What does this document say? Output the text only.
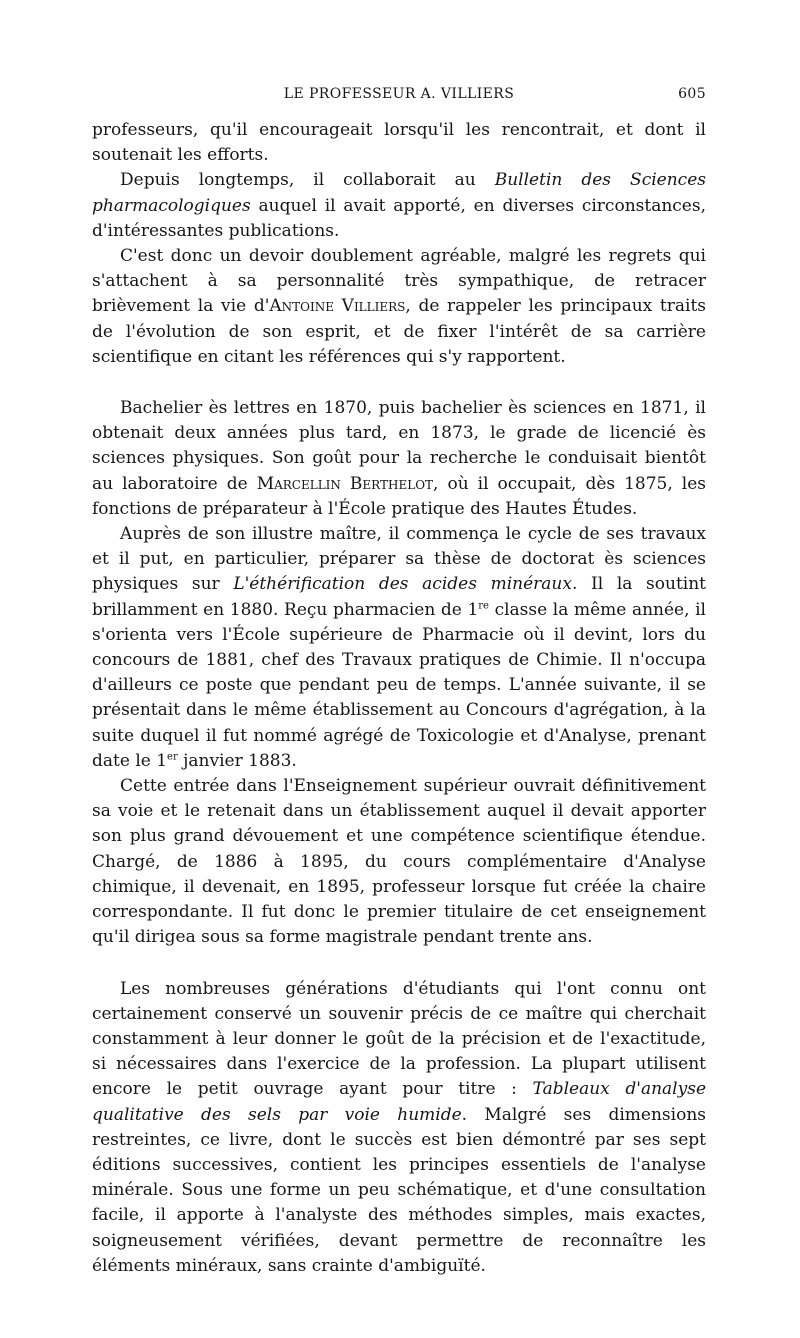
LE PROFESSEUR A. VILLIERS	605

professeurs, qu'il encourageait lorsqu'il les rencontrait, et dont il soutenait les efforts.

Depuis longtemps, il collaborait au Bulletin des Sciences pharmacologiques auquel il avait apporté, en diverses circonstances, d'intéressantes publications.

C'est donc un devoir doublement agréable, malgré les regrets qui s'attachent à sa personnalité très sympathique, de retracer brièvement la vie d'Antoine Villiers, de rappeler les principaux traits de l'évolution de son esprit, et de fixer l'intérêt de sa carrière scientifique en citant les références qui s'y rapportent.

Bachelier ès lettres en 1870, puis bachelier ès sciences en 1871, il obtenait deux années plus tard, en 1873, le grade de licencié ès sciences physiques. Son goût pour la recherche le conduisait bientôt au laboratoire de Marcellin Berthelot, où il occupait, dès 1875, les fonctions de préparateur à l'École pratique des Hautes Études.

Auprès de son illustre maître, il commença le cycle de ses travaux et il put, en particulier, préparer sa thèse de doctorat ès sciences physiques sur L'éthérification des acides minéraux. Il la soutint brillamment en 1880. Reçu pharmacien de 1re classe la même année, il s'orienta vers l'École supérieure de Pharmacie où il devint, lors du concours de 1881, chef des Travaux pratiques de Chimie. Il n'occupa d'ailleurs ce poste que pendant peu de temps. L'année suivante, il se présentait dans le même établissement au Concours d'agrégation, à la suite duquel il fut nommé agrégé de Toxicologie et d'Analyse, prenant date le 1er janvier 1883.

Cette entrée dans l'Enseignement supérieur ouvrait définitivement sa voie et le retenait dans un établissement auquel il devait apporter son plus grand dévouement et une compétence scientifique étendue. Chargé, de 1886 à 1895, du cours complémentaire d'Analyse chimique, il devenait, en 1895, professeur lorsque fut créée la chaire correspondante. Il fut donc le premier titulaire de cet enseignement qu'il dirigea sous sa forme magistrale pendant trente ans.

Les nombreuses générations d'étudiants qui l'ont connu ont certainement conservé un souvenir précis de ce maître qui cherchait constamment à leur donner le goût de la précision et de l'exactitude, si nécessaires dans l'exercice de la profession. La plupart utilisent encore le petit ouvrage ayant pour titre : Tableaux d'analyse qualitative des sels par voie humide. Malgré ses dimensions restreintes, ce livre, dont le succès est bien démontré par ses sept éditions successives, contient les principes essentiels de l'analyse minérale. Sous une forme un peu schématique, et d'une consultation facile, il apporte à l'analyste des méthodes simples, mais exactes, soigneusement vérifiées, devant permettre de reconnaître les éléments minéraux, sans crainte d'ambiguïté.
